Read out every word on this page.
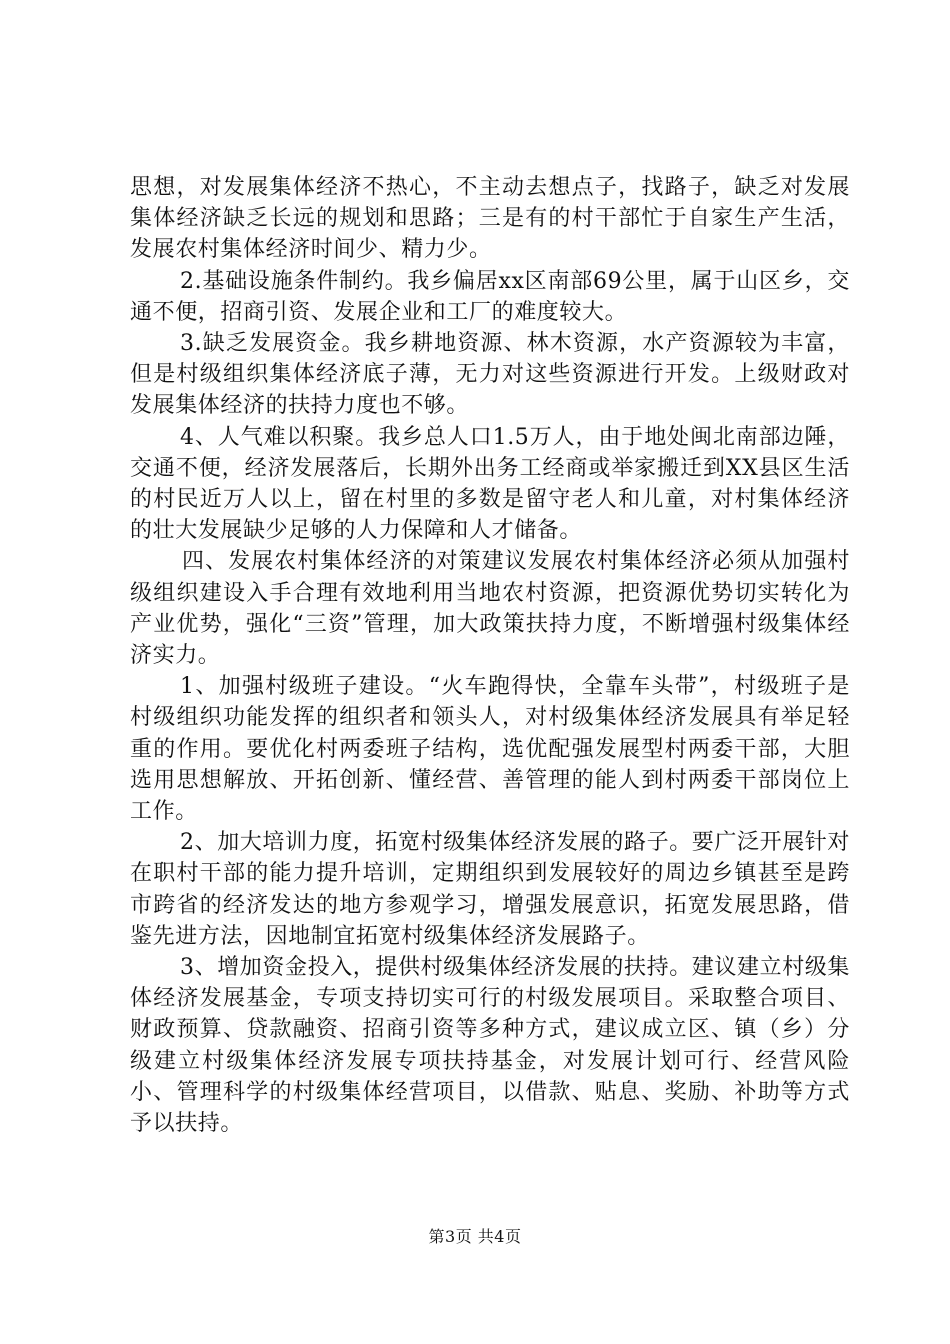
思想，对发展集体经济不热心，不主动去想点子，找路子，缺乏对发展集体经济缺乏长远的规划和思路；三是有的村干部忙于自家生产生活，发展农村集体经济时间少、精力少。

2.基础设施条件制约。我乡偏居xx区南部69公里，属于山区乡，交通不便，招商引资、发展企业和工厂的难度较大。

3.缺乏发展资金。我乡耕地资源、林木资源，水产资源较为丰富，但是村级组织集体经济底子薄，无力对这些资源进行开发。上级财政对发展集体经济的扶持力度也不够。

4、人气难以积聚。我乡总人口1.5万人，由于地处闽北南部边陲，交通不便，经济发展落后，长期外出务工经商或举家搬迁到XX县区生活的村民近万人以上，留在村里的多数是留守老人和儿童，对村集体经济的壮大发展缺少足够的人力保障和人才储备。

四、发展农村集体经济的对策建议发展农村集体经济必须从加强村级组织建设入手合理有效地利用当地农村资源，把资源优势切实转化为产业优势，强化“三资”管理，加大政策扶持力度，不断增强村级集体经济实力。

1、加强村级班子建设。“火车跑得快，全靠车头带”，村级班子是村级组织功能发挥的组织者和领头人，对村级集体经济发展具有举足轻重的作用。要优化村两委班子结构，选优配强发展型村两委干部，大胆选用思想解放、开拓创新、懂经营、善管理的能人到村两委干部岗位上工作。

2、加大培训力度，拓宽村级集体经济发展的路子。要广泛开展针对在职村干部的能力提升培训，定期组织到发展较好的周边乡镇甚至是跨市跨省的经济发达的地方参观学习，增强发展意识，拓宽发展思路，借鉴先进方法，因地制宜拓宽村级集体经济发展路子。

3、增加资金投入，提供村级集体经济发展的扶持。建议建立村级集体经济发展基金，专项支持切实可行的村级发展项目。采取整合项目、财政预算、贷款融资、招商引资等多种方式，建议成立区、镇（乡）分级建立村级集体经济发展专项扶持基金，对发展计划可行、经营风险小、管理科学的村级集体经营项目，以借款、贴息、奖励、补助等方式予以扶持。

第3页 共4页
